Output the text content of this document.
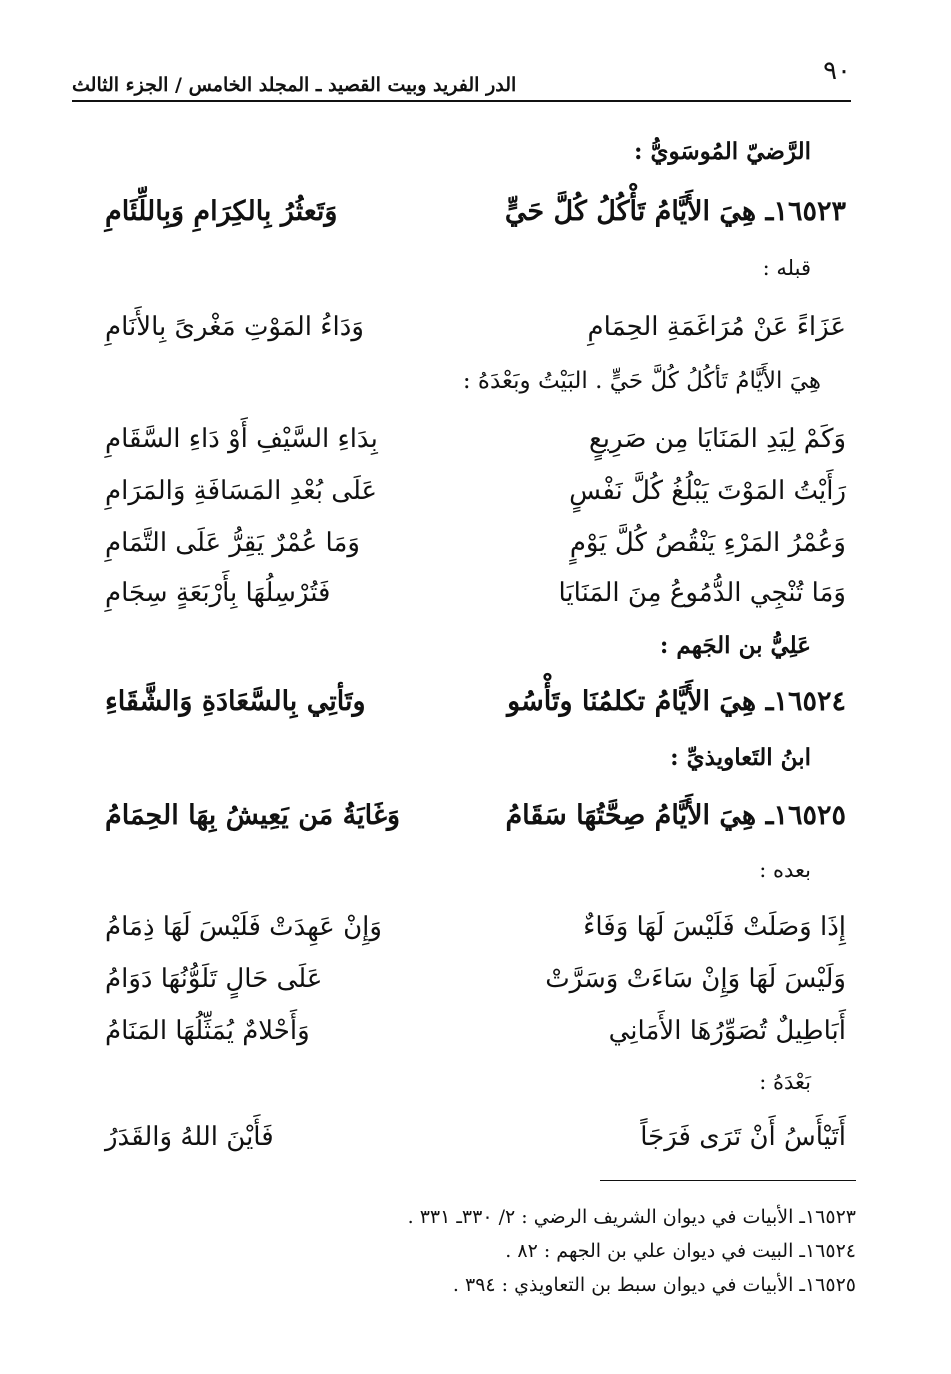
٩٠
الدر الفريد وبيت القصيد ـ المجلد الخامس / الجزء الثالث
الرَّضيّ المُوسَويُّ :
١٦٥٢٣ـ هِيَ الأَيَّامُ تَأْكُلُ كُلَّ حَيٍّ
وَتَعثُرُ بِالكِرَامِ وَبِاللِّئَامِ
قبله :
عَزَاءً عَنْ مُرَاغَمَةِ الحِمَامِ
وَدَاءُ المَوْتِ مَغْرىً بِالأَنَامِ
هِيَ الأَيَّامُ تَأكُلُ كُلَّ حَيٍّ . البَيْتُ وبَعْدَهُ :
وَكَمْ لِيَدِ المَنَايَا مِن صَرِيعٍ
بِدَاءِ السَّيْفِ أَوْ دَاءِ السَّقَامِ
رَأَيْتُ المَوْتَ يَبْلُغُ كُلَّ نَفْسٍ
عَلَى بُعْدِ المَسَافَةِ وَالمَرَامِ
وَعُمْرُ المَرْءِ يَنْقُصُ كُلَّ يَوْمٍ
وَمَا عُمْرٌ يَقِرُّ عَلَى التَّمَامِ
وَمَا تُنْجِي الدُّمُوعُ مِنَ المَنَايَا
فَتُرْسِلُهَا بِأَرْبَعَةٍ سِجَامِ
عَلِيُّ بن الجَهم :
١٦٥٢٤ـ هِيَ الأَيَّامُ تكلمُنَا وتَأْسُو
وتَأتِي بِالسَّعَادَةِ وَالشَّقَاءِ
ابنُ التَعاويذيِّ :
١٦٥٢٥ـ هِيَ الأَيَّامُ صِحَّتُهَا سَقَامُ
وَغَايَةُ مَن يَعِيشُ بِهَا الحِمَامُ
بعده :
إِذَا وَصَلَتْ فَلَيْسَ لَهَا وَفَاءٌ
وَإِنْ عَهِدَتْ فَلَيْسَ لَهَا ذِمَامُ
وَلَيْسَ لَهَا وَإِنْ سَاءَتْ وَسَرَّتْ
عَلَى حَالٍ تَلَوُّنُهَا دَوَامُ
أَبَاطِيلٌ تُصَوِّرُهَا الأَمَانِي
وَأَحْلامٌ يُمَثِّلُهَا المَنَامُ
بَعْدَهُ :
أَتَيْأَسُ أَنْ تَرَى فَرَجَاً
فَأَيْنَ اللهُ وَالقَدَرُ
١٦٥٢٣ـ الأبيات في ديوان الشريف الرضي : ٢/ ٣٣٠ـ ٣٣١ .
١٦٥٢٤ـ البيت في ديوان علي بن الجهم : ٨٢ .
١٦٥٢٥ـ الأبيات في ديوان سبط بن التعاويذي : ٣٩٤ .
